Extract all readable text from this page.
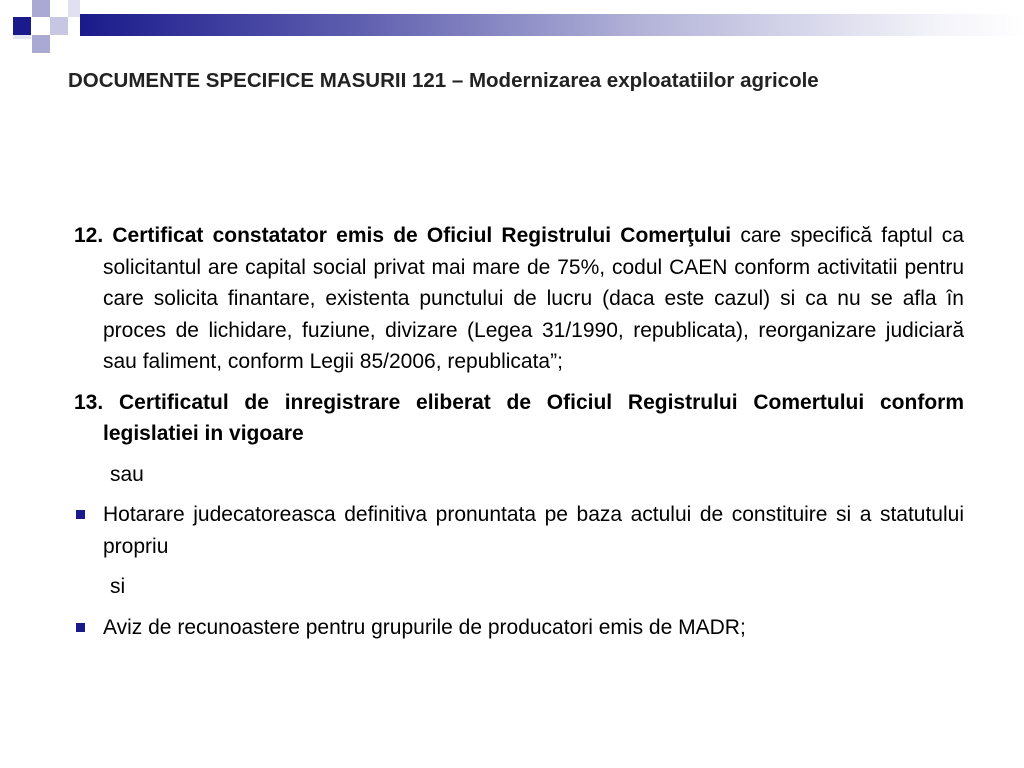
DOCUMENTE SPECIFICE MASURII 121 – Modernizarea exploatatiilor agricole

12. Certificat constatator emis de Oficiul Registrului Comerţului care specifică faptul ca solicitantul are capital social privat mai mare de 75%, codul CAEN conform activitatii pentru care solicita finantare, existenta punctului de lucru (daca este cazul) si ca nu se afla în proces de lichidare, fuziune, divizare (Legea 31/1990, republicata), reorganizare judiciară sau faliment, conform Legii 85/2006, republicata”;

13. Certificatul de inregistrare eliberat de Oficiul Registrului Comertului conform legislatiei in vigoare

sau

Hotarare judecatoreasca definitiva pronuntata pe baza actului de constituire si a statutului propriu

si

Aviz de recunoastere pentru grupurile de producatori emis de MADR;
